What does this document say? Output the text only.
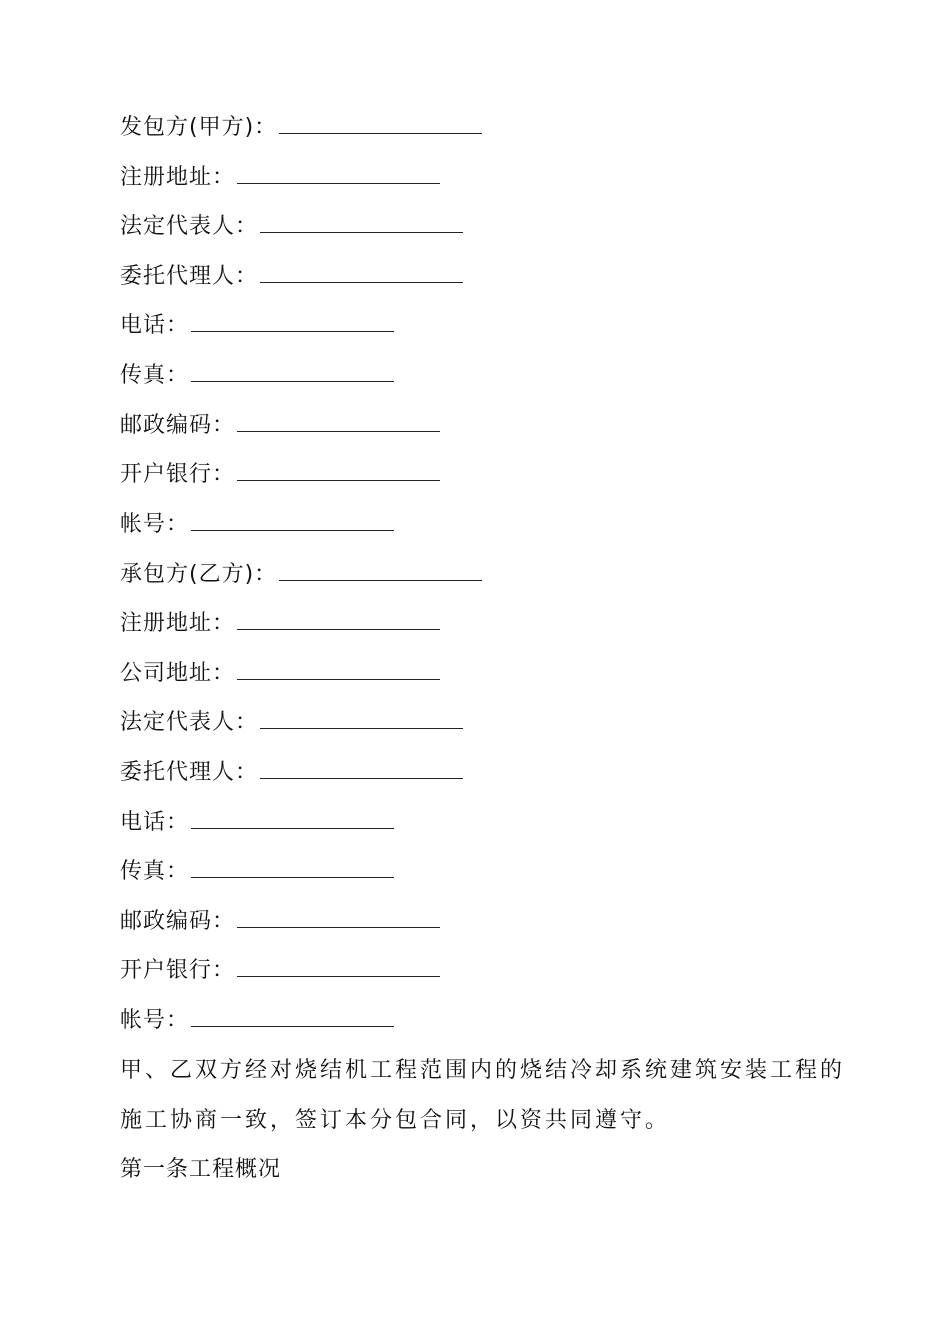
发包方(甲方)：
注册地址：
法定代表人：
委托代理人：
电话：
传真：
邮政编码：
开户银行：
帐号：
承包方(乙方)：
注册地址：
公司地址：
法定代表人：
委托代理人：
电话：
传真：
邮政编码：
开户银行：
帐号：
甲、乙双方经对烧结机工程范围内的烧结冷却系统建筑安装工程的
施工协商一致，签订本分包合同，以资共同遵守。
第一条工程概况
